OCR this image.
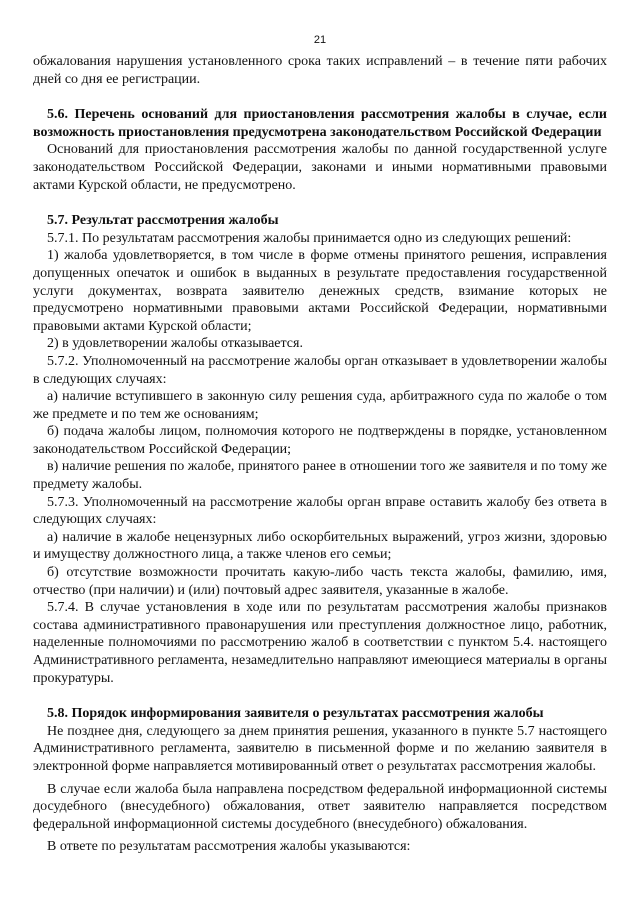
21

обжалования нарушения установленного срока таких исправлений – в течение пяти рабочих дней со дня ее регистрации.

5.6. Перечень оснований для приостановления рассмотрения жалобы в случае, если возможность приостановления предусмотрена законодательством Российской Федерации

Оснований для приостановления рассмотрения жалобы по данной государственной услуге законодательством Российской Федерации, законами и иными нормативными правовыми актами Курской области, не предусмотрено.

5.7. Результат рассмотрения жалобы

5.7.1. По результатам рассмотрения жалобы принимается одно из следующих решений:

1) жалоба удовлетворяется, в том числе в форме отмены принятого решения, исправления допущенных опечаток и ошибок в выданных в результате предоставления государственной услуги документах, возврата заявителю денежных средств, взимание которых не предусмотрено нормативными правовыми актами Российской Федерации, нормативными правовыми актами Курской области;

2) в удовлетворении жалобы отказывается.

5.7.2. Уполномоченный на рассмотрение жалобы орган отказывает в удовлетворении жалобы в следующих случаях:

а) наличие вступившего в законную силу решения суда, арбитражного суда по жалобе о том же предмете и по тем же основаниям;

б) подача жалобы лицом, полномочия которого не подтверждены в порядке, установленном законодательством Российской Федерации;

в) наличие решения по жалобе, принятого ранее в отношении того же заявителя и по тому же предмету жалобы.

5.7.3. Уполномоченный на рассмотрение жалобы орган вправе оставить жалобу без ответа в следующих случаях:

а) наличие в жалобе нецензурных либо оскорбительных выражений, угроз жизни, здоровью и имуществу должностного лица, а также членов его семьи;

б) отсутствие возможности прочитать какую-либо часть текста жалобы, фамилию, имя, отчество (при наличии) и (или) почтовый адрес заявителя, указанные в жалобе.

5.7.4. В случае установления в ходе или по результатам рассмотрения жалобы признаков состава административного правонарушения или преступления должностное лицо, работник, наделенные полномочиями по рассмотрению жалоб в соответствии с пунктом 5.4. настоящего Административного регламента, незамедлительно направляют имеющиеся материалы в органы прокуратуры.

5.8. Порядок информирования заявителя о результатах рассмотрения жалобы

Не позднее дня, следующего за днем принятия решения, указанного в пункте 5.7 настоящего Административного регламента, заявителю в письменной форме и по желанию заявителя в электронной форме направляется мотивированный ответ о результатах рассмотрения жалобы.

В случае если жалоба была направлена посредством федеральной информационной системы досудебного (внесудебного) обжалования, ответ заявителю направляется посредством федеральной информационной системы досудебного (внесудебного) обжалования.

В ответе по результатам рассмотрения жалобы указываются:
